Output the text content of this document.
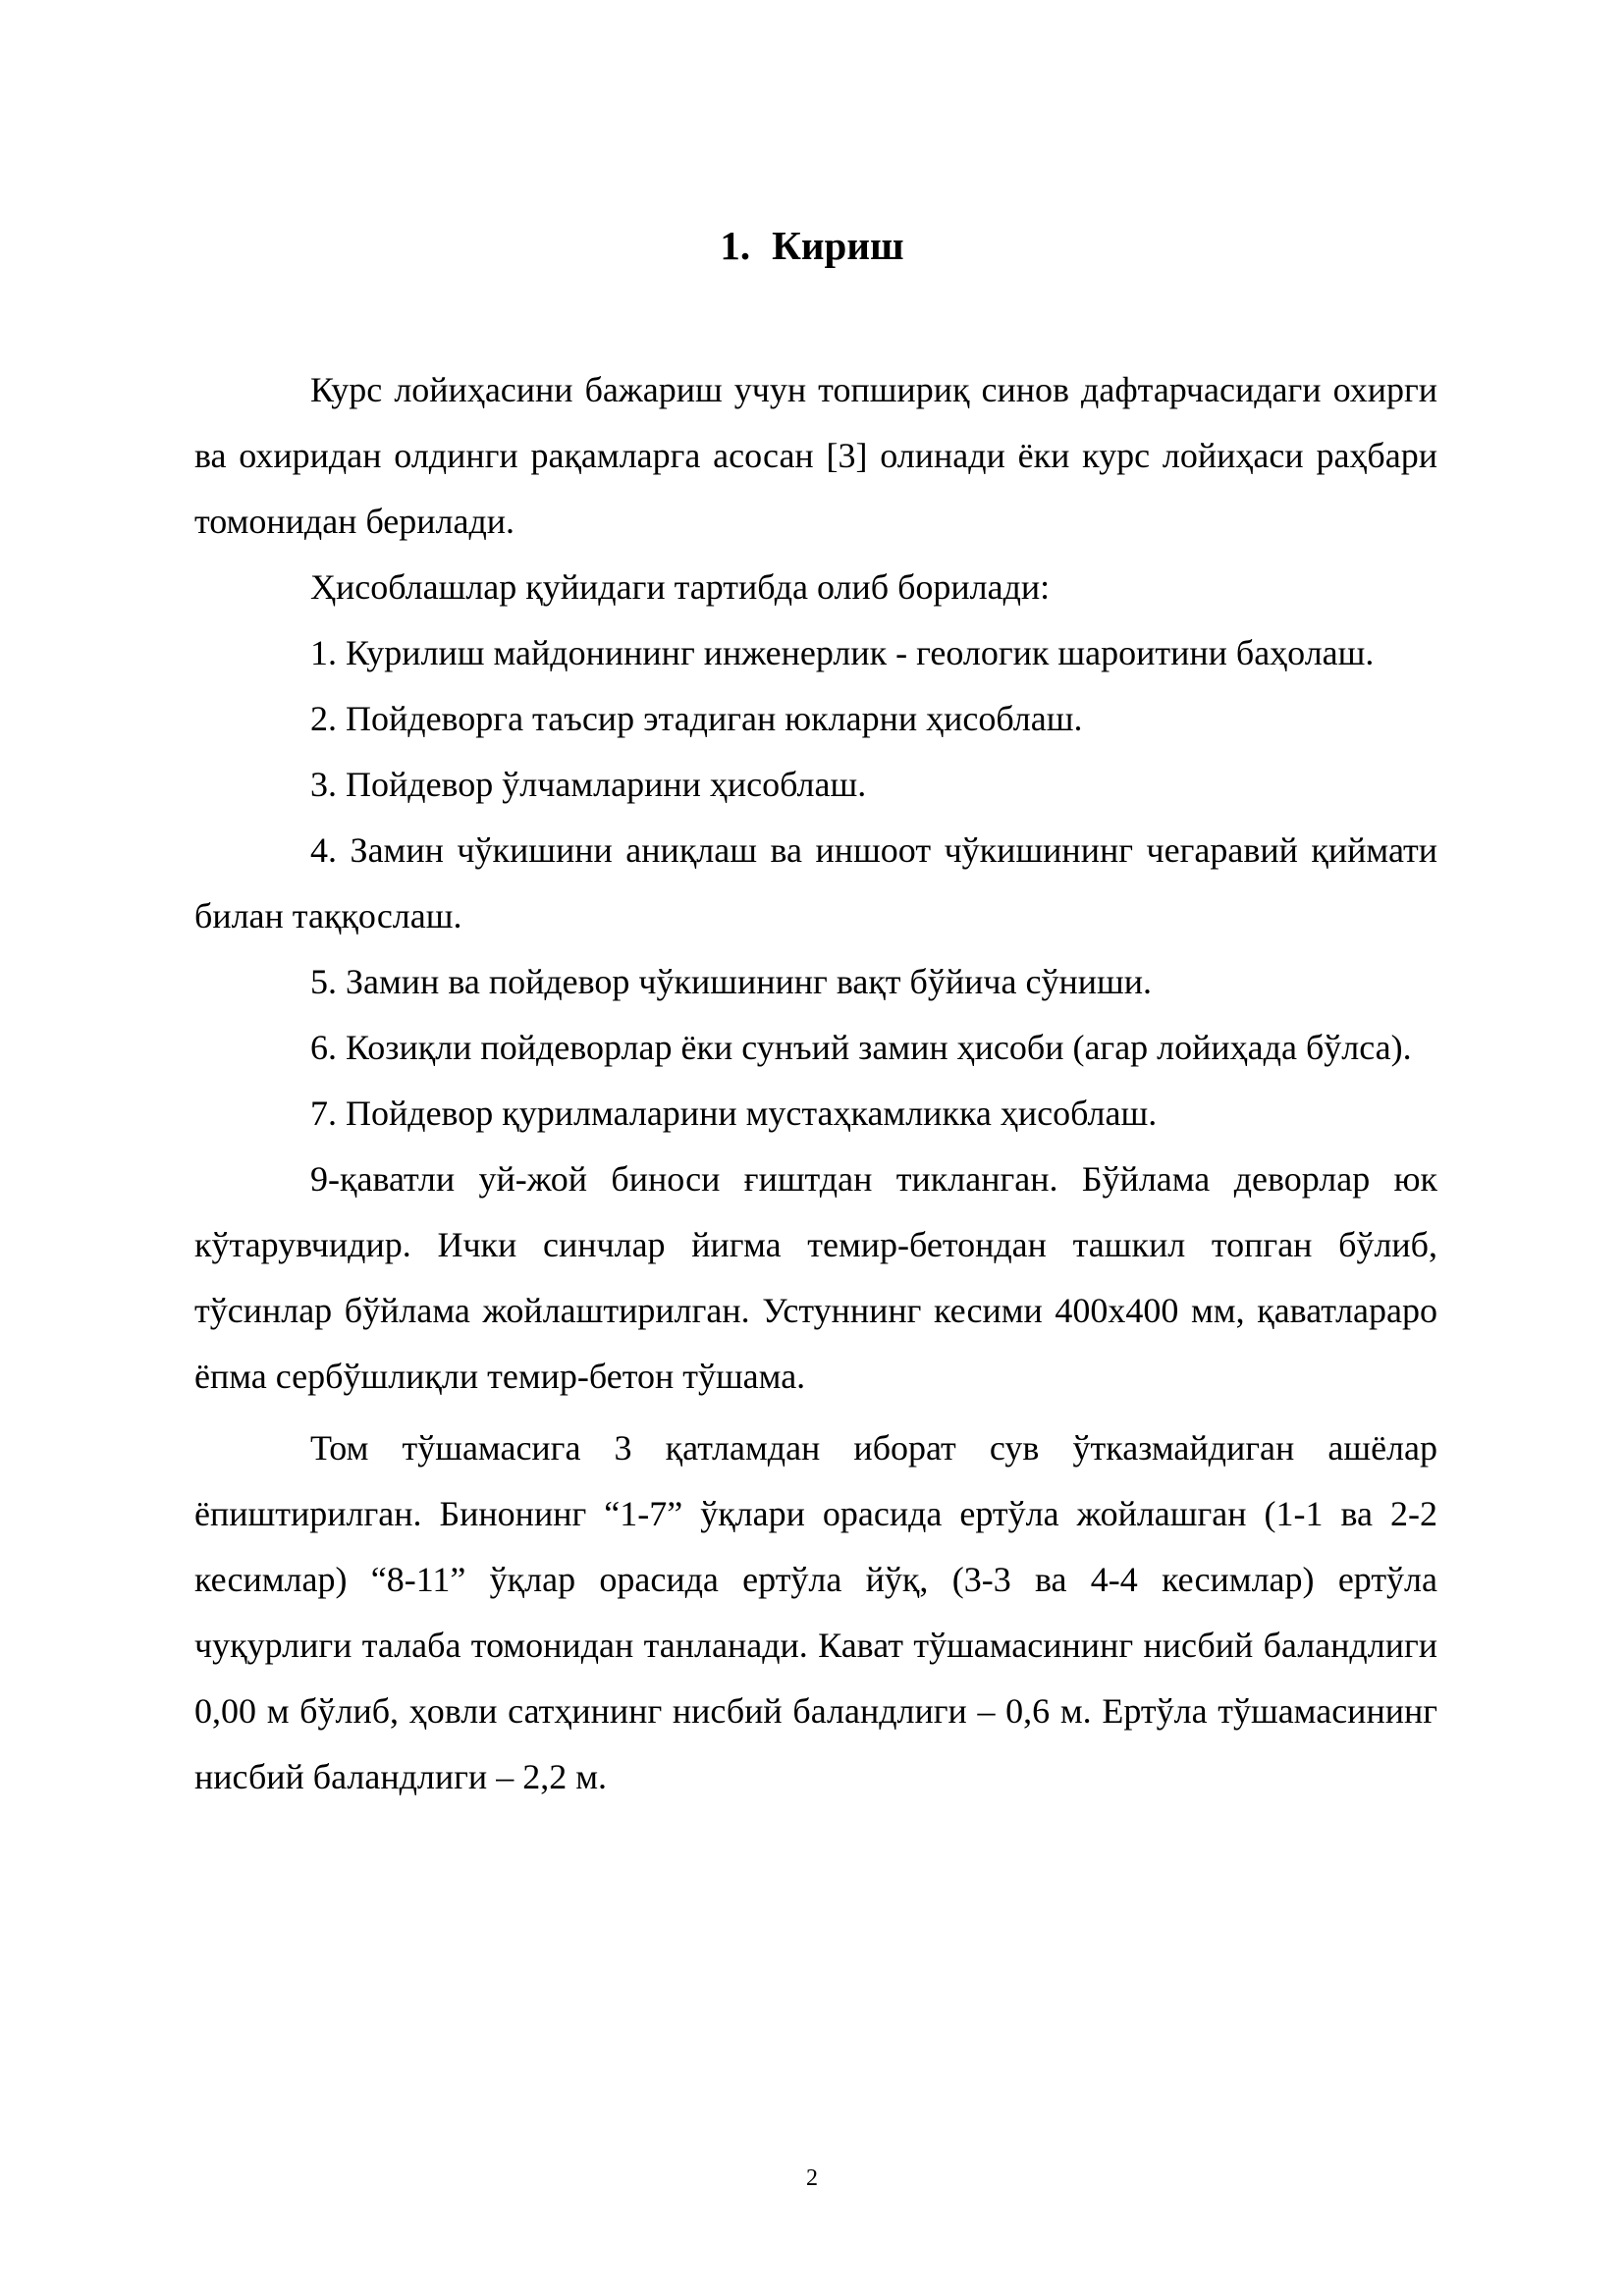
1. Кириш

Курс лойиҳасини бажариш учун топшириқ синов дафтарчасидаги охирги ва охиридан олдинги рақамларга асосан [3] олинади ёки курс лойиҳаси раҳбари томонидан берилади.

Ҳисоблашлар қуйидаги тартибда олиб борилади:

1. Курилиш майдонининг инженерлик - геологик шароитини баҳолаш.

2. Пойдеворга таъсир этадиган юкларни ҳисоблаш.

3. Пойдевор ўлчамларини ҳисоблаш.

4. Замин чўкишини аниқлаш ва иншоот чўкишининг чегаравий қиймати билан таққослаш.

5. Замин ва пойдевор чўкишининг вақт бўйича сўниши.

6. Козиқли пойдеворлар ёки сунъий замин ҳисоби (агар лойиҳада бўлса).

7. Пойдевор қурилмаларини мустаҳкамликка ҳисоблаш.

9-қаватли уй-жой биноси ғиштдан тикланган. Бўйлама деворлар юк кўтарувчидир. Ички синчлар йигма темир-бетондан ташкил топган бўлиб, тўсинлар бўйлама жойлаштирилган. Устуннинг кесими 400х400 мм, қаватлараро ёпма сербўшлиқли темир-бетон тўшама.

Том тўшамасига 3 қатламдан иборат сув ўтказмайдиган ашёлар ёпиштирилган. Бинонинг “1-7” ўқлари орасида ертўла жойлашган (1-1 ва 2-2 кесимлар) “8-11” ўқлар орасида ертўла йўқ, (3-3 ва 4-4 кесимлар) ертўла чуқурлиги талаба томонидан танланади. Кават тўшамасининг нисбий баландлиги 0,00 м бўлиб, ҳовли сатҳининг нисбий баландлиги – 0,6 м. Ертўла тўшамасининг нисбий баландлиги – 2,2 м.

2
